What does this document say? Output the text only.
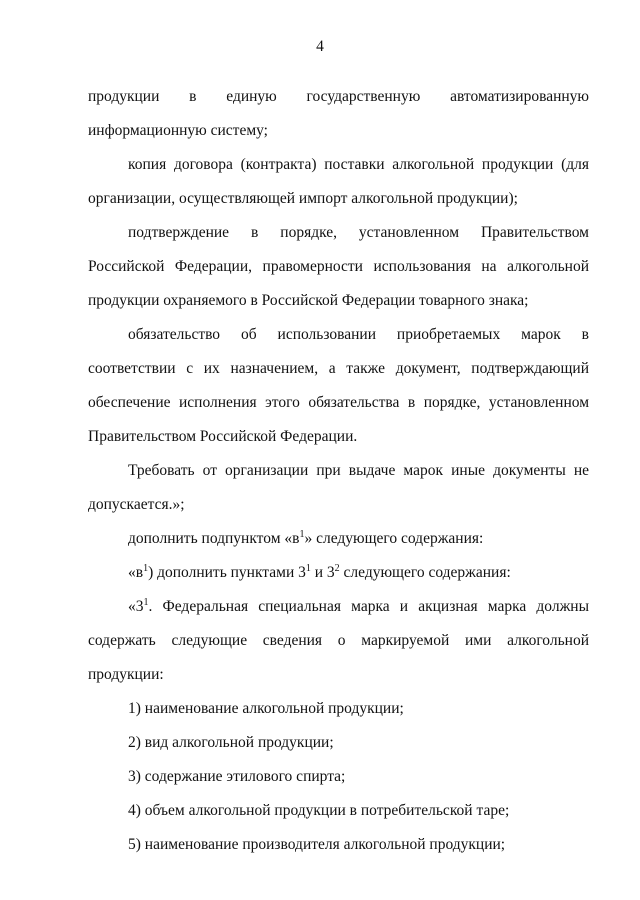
4

продукции в единую государственную автоматизированную

информационную систему;

копия договора (контракта) поставки алкогольной продукции (для организации, осуществляющей импорт алкогольной продукции);

подтверждение в порядке, установленном Правительством Российской Федерации, правомерности использования на алкогольной продукции охраняемого в Российской Федерации товарного знака;

обязательство об использовании приобретаемых марок в соответствии с их назначением, а также документ, подтверждающий обеспечение исполнения этого обязательства в порядке, установленном Правительством Российской Федерации.

Требовать от организации при выдаче марок иные документы не допускается.»;

дополнить подпунктом «$в^1$» следующего содержания:

«$в^1$) дополнить пунктами $3^1$ и $3^2$ следующего содержания:

«$3^1$. Федеральная специальная марка и акцизная марка должны содержать следующие сведения о маркируемой ими алкогольной продукции:

1) наименование алкогольной продукции;

2) вид алкогольной продукции;

3) содержание этилового спирта;

4) объем алкогольной продукции в потребительской таре;

5) наименование производителя алкогольной продукции;
